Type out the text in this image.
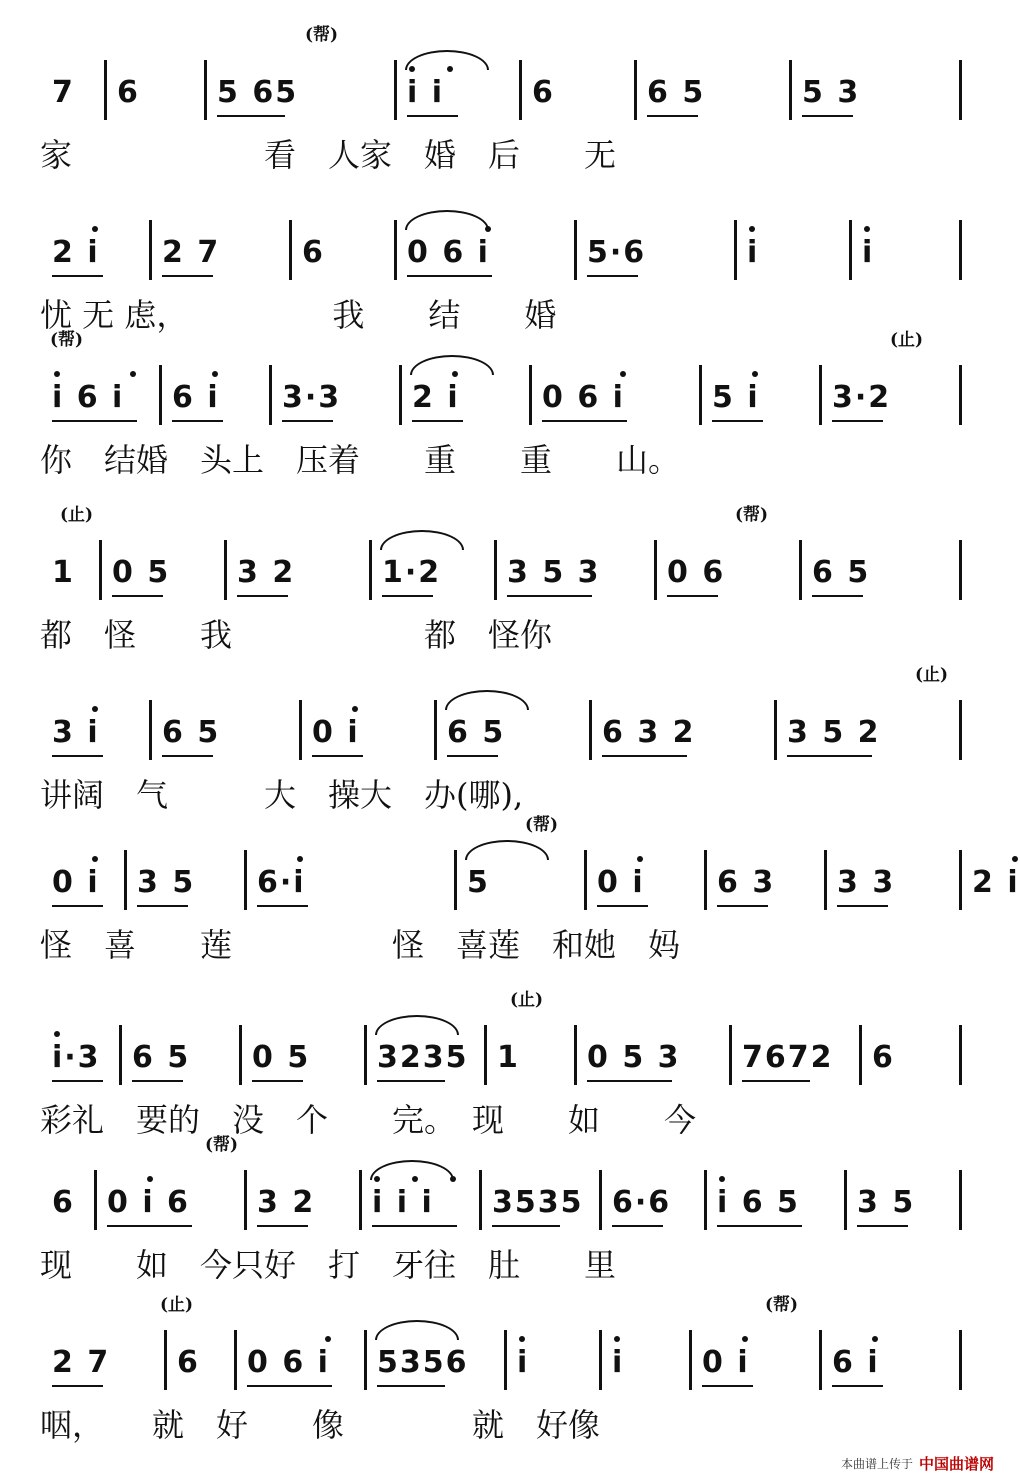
7 6	5 65	i i	6	6 5	5 3
(帮)
家　　　　　　看　人家　婚　后　　无
2 i 2 7	6	0 6 i	5·6	i	i
忧 无 虑，　　　　　我　　结　　婚
i 6 i 6 i 3·3 2 i	0 6 i	5 i 3·2
(帮)	(止)
你　结婚　头上　压着　　重　　重　　山。
1 0 5 3 2	1·2 3 5 3 0 6	6 5
(止)	(帮)
都　怪　　我　　　　　　都　怪你
3 i 6 5	0 i	6 5	6 3 2	3 5 2
(止)
讲阔　气　　　大　操大　办(哪),
0 i 3 5 6·i	5	0 i 6 3 3 3	2 i
(帮)
怪　喜　　莲　　　　　怪　喜莲　和她　妈
i·3 6 5 0 5 3235 1 0 5 3 7672 6
(止)
彩礼　要的　没　个　　完。　现　　如　　今
6 0 i 6 3 2 i i i 3535 6·6 i 6 5 3 5
(帮)
现　　如　今只好　打　牙往　肚　　里
2 7 6 0 6 i 5356 i	i	0 i	6 i
(止)	(帮)
咽，　　就　好　　像　　　　就　好像
本曲谱上传于 中国曲谱网
